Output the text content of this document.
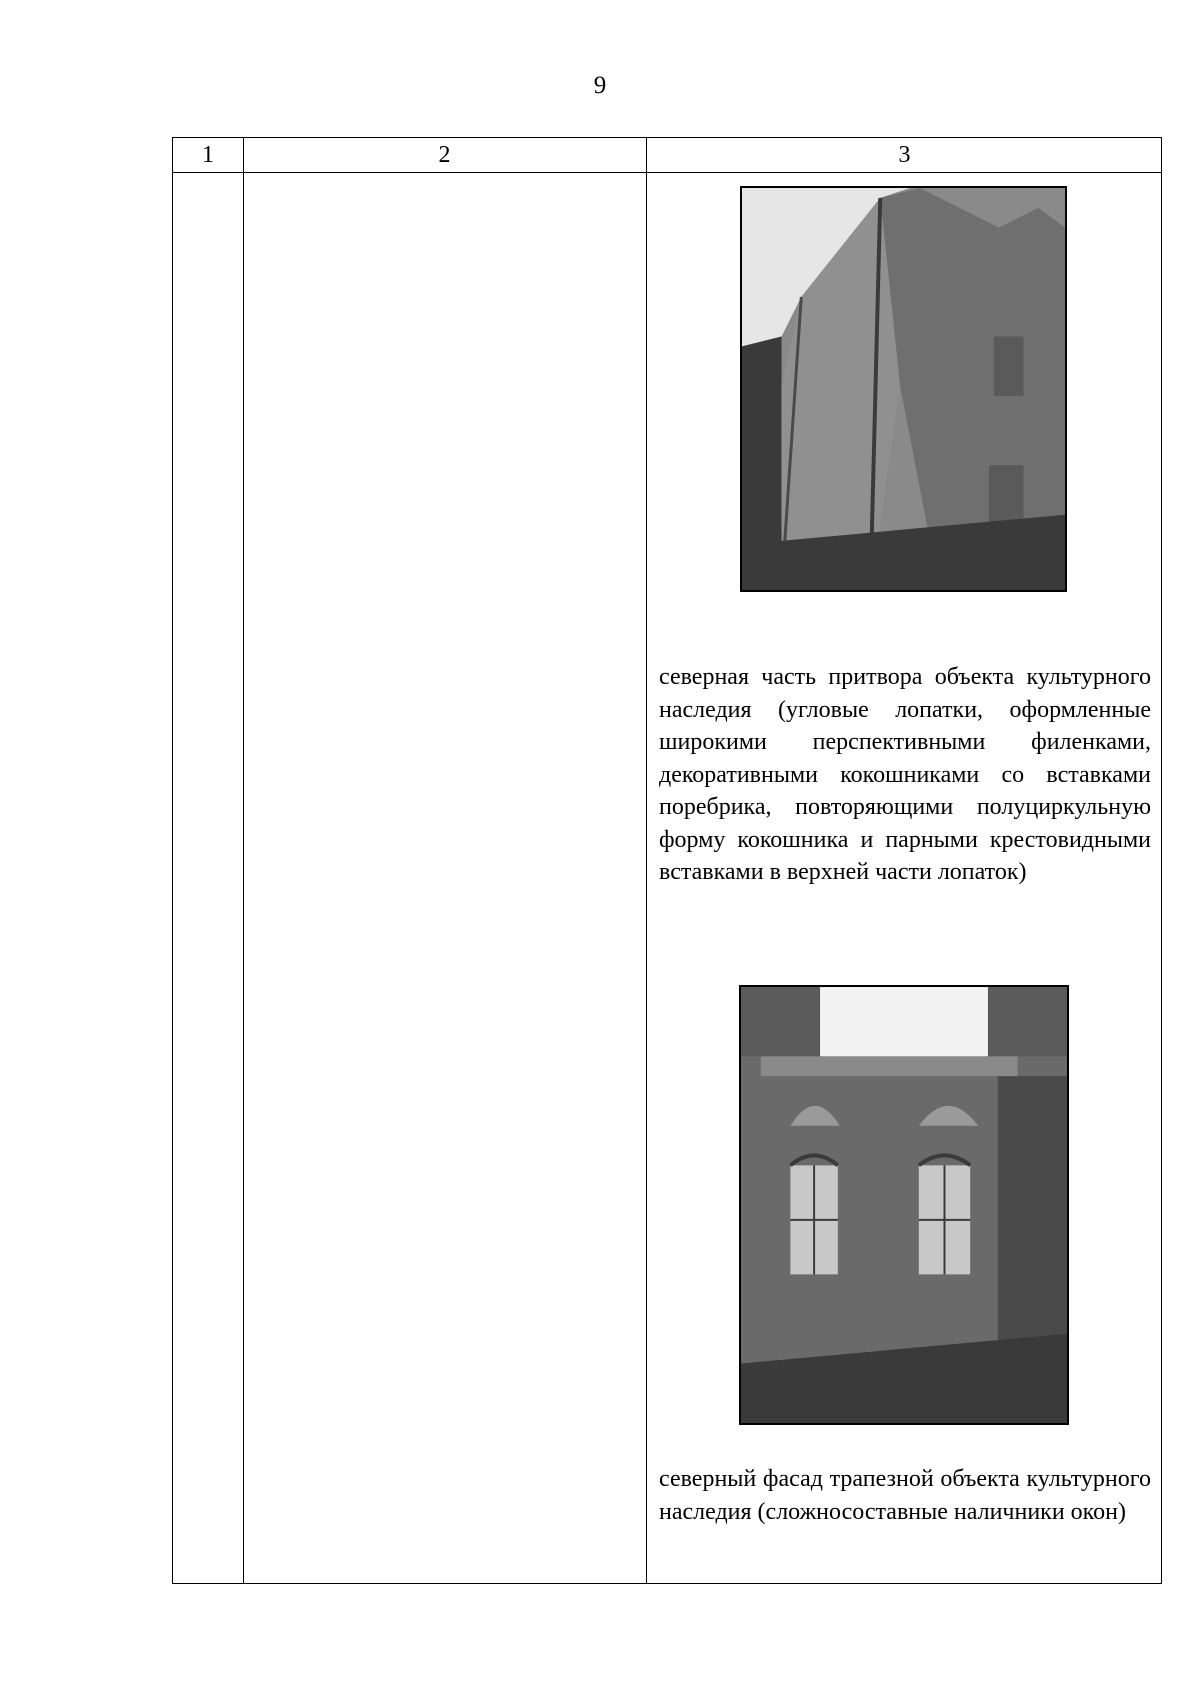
9
1	2	3
северная часть притвора объекта культурного наследия (угловые лопатки, оформленные широкими перспективными филенками, декоративными кокошниками со вставками поребрика, повторяющими полуциркульную форму кокошника и парными крестовидными вставками в верхней части лопаток)
северный фасад трапезной объекта культурного наследия (сложносоставные наличники окон)
